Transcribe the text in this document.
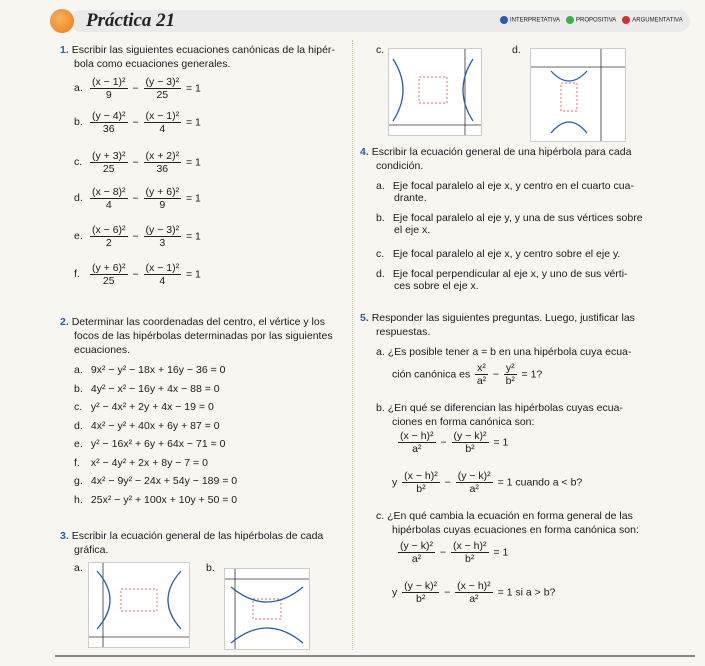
Práctica 21	INTERPRETATIVA	PROPOSITIVA	ARGUMENTATIVA
1. Escribir las siguientes ecuaciones canónicas de la hipér-
bola como ecuaciones generales.
a. $\frac{\text{(x − 1)²}}{9} - \frac{\text{(y − 3)²}}{25} = 1$
b. $\frac{\text{(y − 4)²}}{36} - \frac{\text{(x − 1)²}}{4} = 1$
c. $\frac{\text{(y + 3)²}}{25} - \frac{\text{(x + 2)²}}{36} = 1$
d. $\frac{\text{(x − 8)²}}{4} - \frac{\text{(y + 6)²}}{9} = 1$
e. $\frac{\text{(x − 6)²}}{2} - \frac{\text{(y − 3)²}}{3} = 1$
f. $\frac{\text{(y + 6)²}}{25} - \frac{\text{(x − 1)²}}{4} = 1$
2. Determinar las coordenadas del centro, el vértice y los
focos de las hipérbolas determinadas por las siguientes
ecuaciones.
a. 9x² − y² − 18x + 16y − 36 = 0
b. 4y² − x² − 16y + 4x − 88 = 0
c. y² − 4x² + 2y + 4x − 19 = 0
d. 4x² − y² + 40x + 6y + 87 = 0
e. y² − 16x² + 6y + 64x − 71 = 0
f. x² − 4y² + 2x + 8y − 7 = 0
g. 4x² − 9y² − 24x + 54y − 189 = 0
h. 25x² − y² + 100x + 10y + 50 = 0
3. Escribir la ecuación general de las hipérbolas de cada
gráfica.
a.	b.
c.	d.
4. Escribir la ecuación general de una hipérbola para cada
condición.
a. Eje focal paralelo al eje x, y centro en el cuarto cua-
drante.
b. Eje focal paralelo al eje y, y una de sus vértices sobre
el eje x.
c. Eje focal paralelo al eje x, y centro sobre el eje y.

d. Eje focal perpendicular al eje x, y uno de sus vérti-
ces sobre el eje x.
5. Responder las siguientes preguntas. Luego, justificar las
respuestas.
a. ¿Es posible tener a = b en una hipérbola cuya ecua-
ción canónica es $\frac{\text{x²}}{\text{a²}} - \frac{\text{y²}}{\text{b²}} = 1$?
b. ¿En qué se diferencian las hipérbolas cuyas ecua-
ciones en forma canónica son:
$\frac{\text{(x − h)²}}{\text{a²}} - \frac{\text{(y − k)²}}{\text{b²}} = 1$
y $\frac{\text{(x − h)²}}{\text{b²}} - \frac{\text{(y − k)²}}{\text{a²}} = 1$ cuando a < b?
c. ¿En qué cambia la ecuación en forma general de las
hipérbolas cuyas ecuaciones en forma canónica son:
$\frac{\text{(y − k)²}}{\text{a²}} - \frac{\text{(x − h)²}}{\text{b²}} = 1$
y $\frac{\text{(y − k)²}}{\text{b²}} - \frac{\text{(x − h)²}}{\text{a²}} = 1$ si a > b?
